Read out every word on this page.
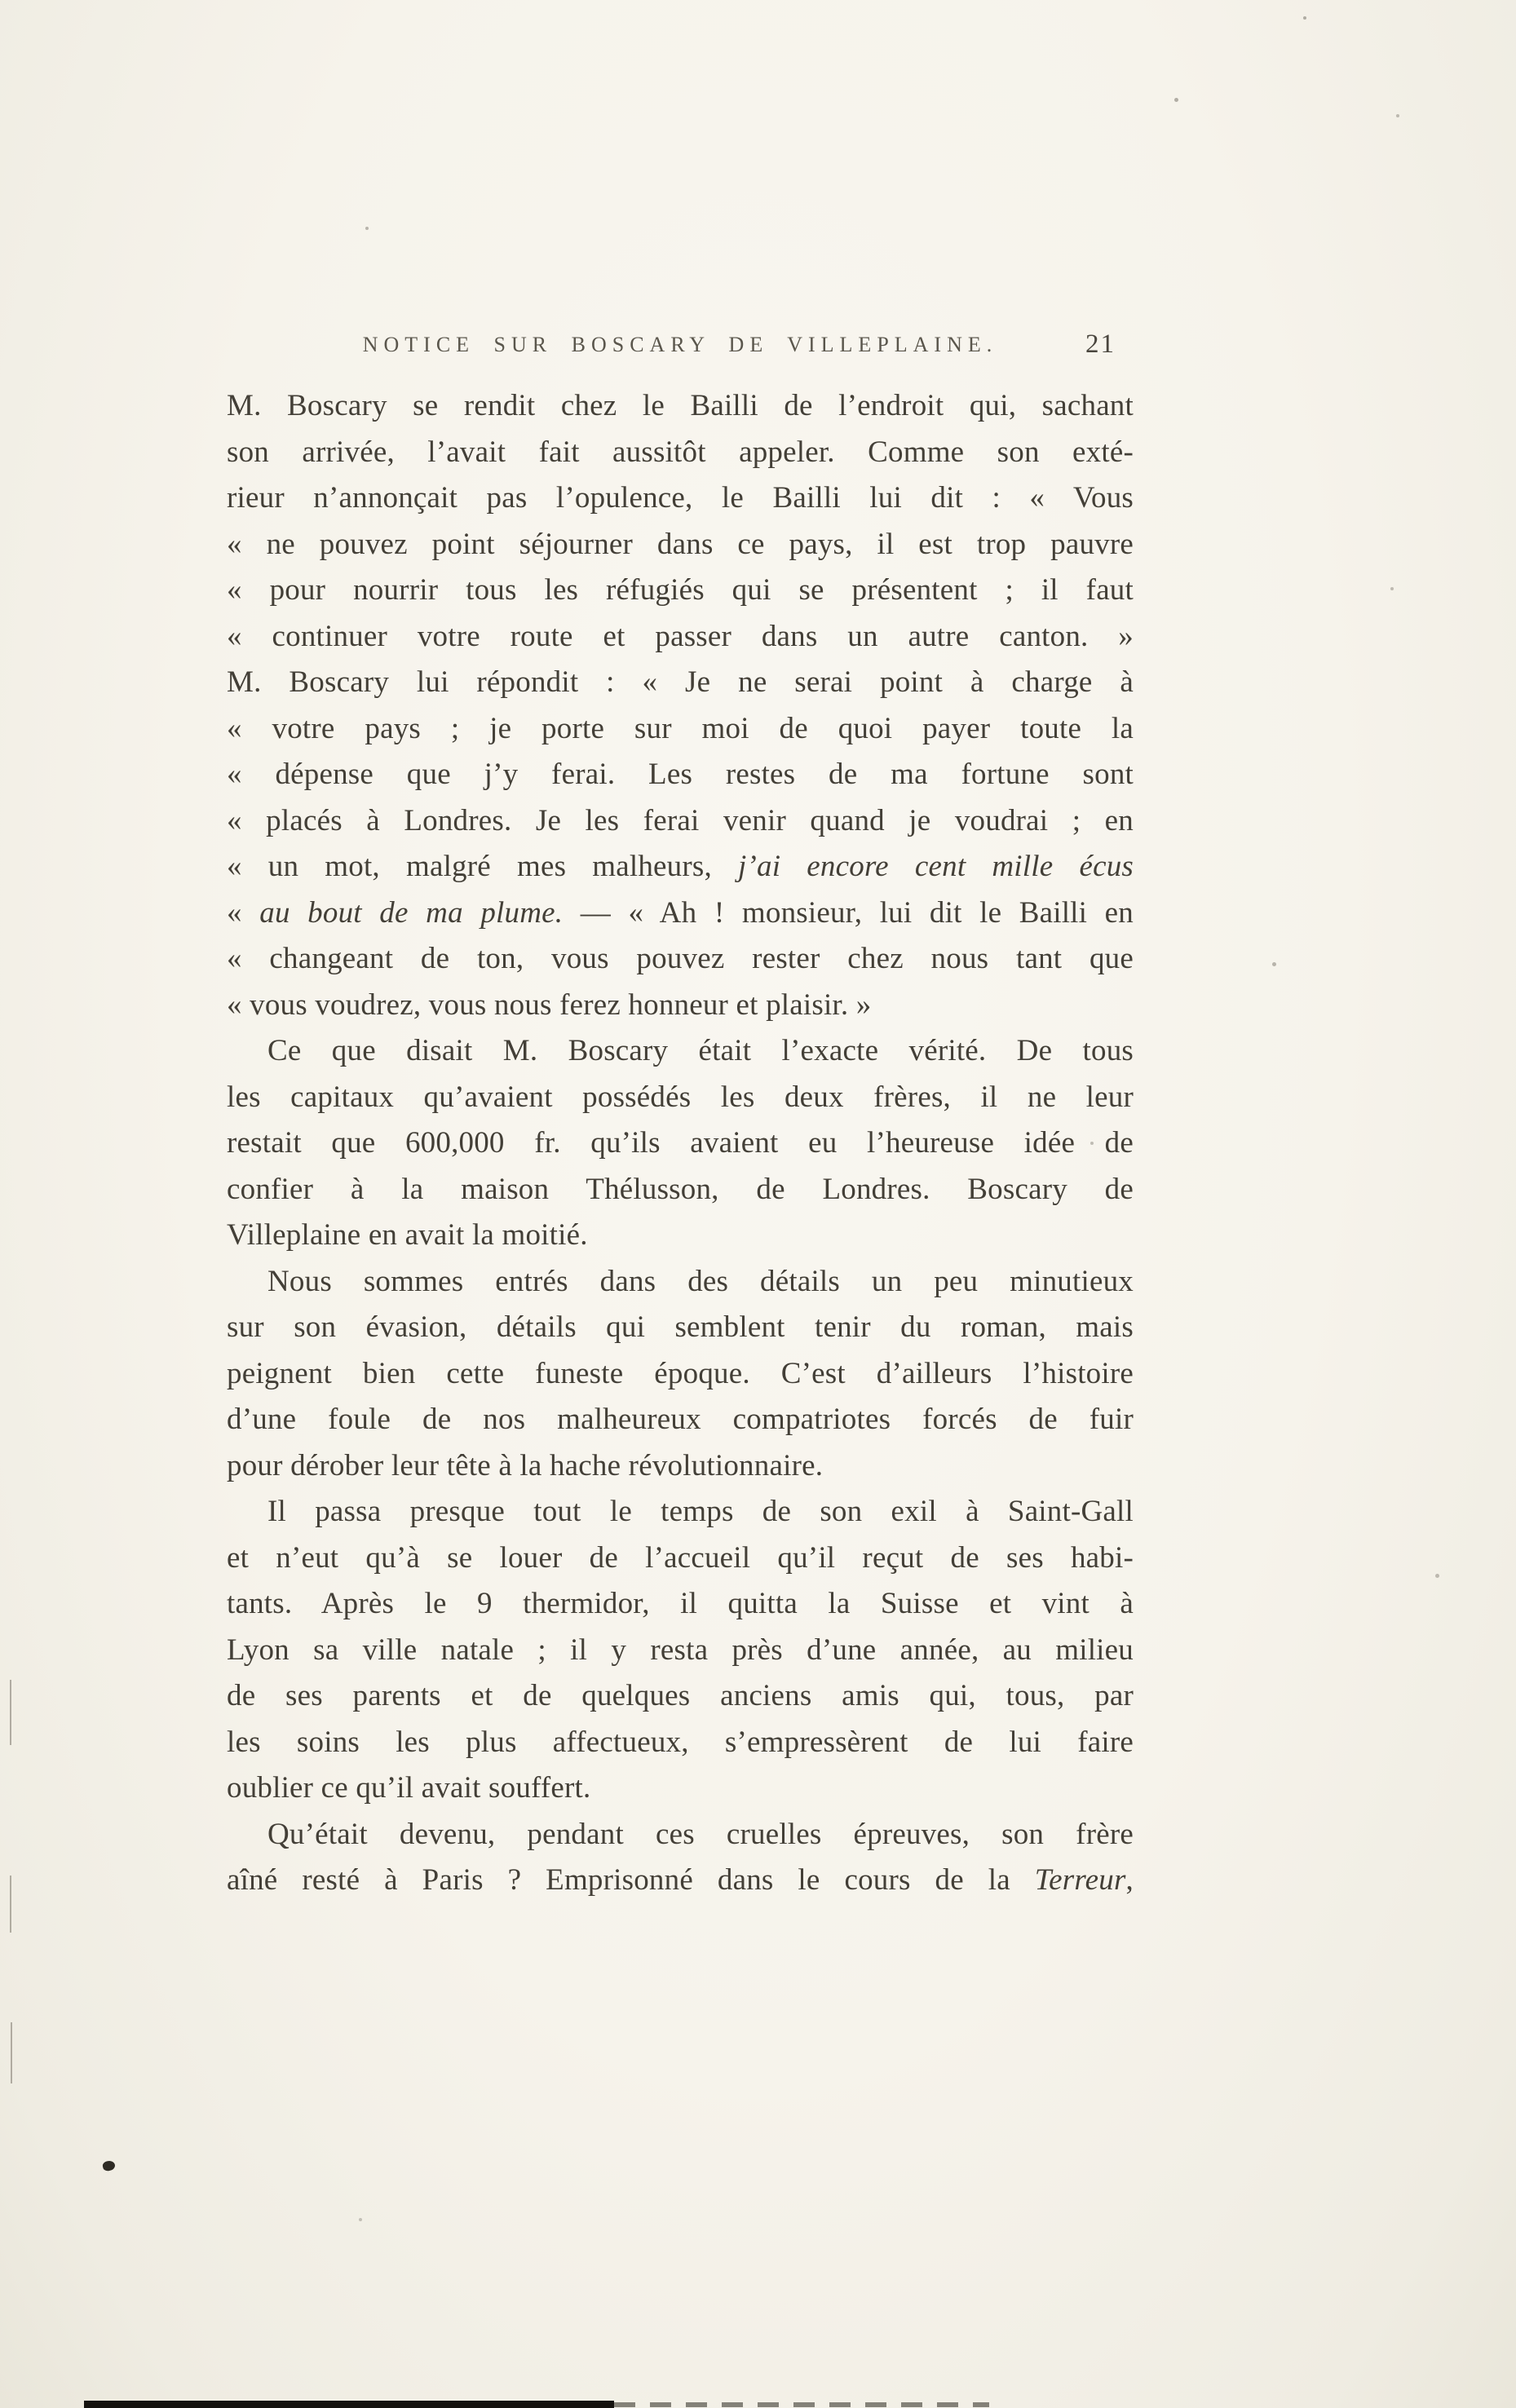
NOTICE SUR BOSCARY DE VILLEPLAINE.	21
M. Boscary se rendit chez le Bailli de l’endroit qui, sachant
son arrivée, l’avait fait aussitôt appeler. Comme son exté-
rieur n’annonçait pas l’opulence, le Bailli lui dit : « Vous
« ne pouvez point séjourner dans ce pays, il est trop pauvre
« pour nourrir tous les réfugiés qui se présentent ; il faut
« continuer votre route et passer dans un autre canton. »
M. Boscary lui répondit : « Je ne serai point à charge à
« votre pays ; je porte sur moi de quoi payer toute la
« dépense que j’y ferai. Les restes de ma fortune sont
« placés à Londres. Je les ferai venir quand je voudrai ; en
« un mot, malgré mes malheurs, j’ai encore cent mille écus
« au bout de ma plume. — « Ah ! monsieur, lui dit le Bailli en
« changeant de ton, vous pouvez rester chez nous tant que
« vous voudrez, vous nous ferez honneur et plaisir. »
Ce que disait M. Boscary était l’exacte vérité. De tous
les capitaux qu’avaient possédés les deux frères, il ne leur
restait que 600,000 fr. qu’ils avaient eu l’heureuse idée de
confier à la maison Thélusson, de Londres. Boscary de
Villeplaine en avait la moitié.
Nous sommes entrés dans des détails un peu minutieux
sur son évasion, détails qui semblent tenir du roman, mais
peignent bien cette funeste époque. C’est d’ailleurs l’histoire
d’une foule de nos malheureux compatriotes forcés de fuir
pour dérober leur tête à la hache révolutionnaire.
Il passa presque tout le temps de son exil à Saint-Gall
et n’eut qu’à se louer de l’accueil qu’il reçut de ses habi-
tants. Après le 9 thermidor, il quitta la Suisse et vint à
Lyon sa ville natale ; il y resta près d’une année, au milieu
de ses parents et de quelques anciens amis qui, tous, par
les soins les plus affectueux, s’empressèrent de lui faire
oublier ce qu’il avait souffert.
Qu’était devenu, pendant ces cruelles épreuves, son frère
aîné resté à Paris ? Emprisonné dans le cours de la Terreur,
